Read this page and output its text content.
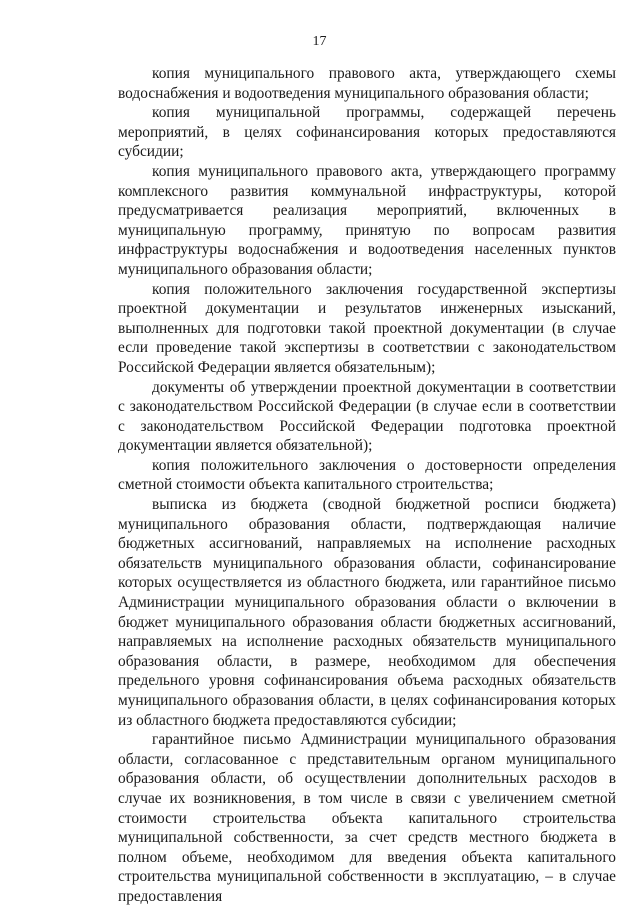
17

копия муниципального правового акта, утверждающего схемы водоснабжения и водоотведения муниципального образования области;

копия муниципальной программы, содержащей перечень мероприятий, в целях софинансирования которых предоставляются субсидии;

копия муниципального правового акта, утверждающего программу комплексного развития коммунальной инфраструктуры, которой предусматривается реализация мероприятий, включенных в муниципальную программу, принятую по вопросам развития инфраструктуры водоснабжения и водоотведения населенных пунктов муниципального образования области;

копия положительного заключения государственной экспертизы проектной документации и результатов инженерных изысканий, выполненных для подготовки такой проектной документации (в случае если проведение такой экспертизы в соответствии с законодательством Российской Федерации является обязательным);

документы об утверждении проектной документации в соответствии с законодательством Российской Федерации (в случае если в соответствии с законодательством Российской Федерации подготовка проектной документации является обязательной);

копия положительного заключения о достоверности определения сметной стоимости объекта капитального строительства;

выписка из бюджета (сводной бюджетной росписи бюджета) муниципального образования области, подтверждающая наличие бюджетных ассигнований, направляемых на исполнение расходных обязательств муниципального образования области, софинансирование которых осуществляется из областного бюджета, или гарантийное письмо Администрации муниципального образования области о включении в бюджет муниципального образования области бюджетных ассигнований, направляемых на исполнение расходных обязательств муниципального образования области, в размере, необходимом для обеспечения предельного уровня софинансирования объема расходных обязательств муниципального образования области, в целях софинансирования которых из областного бюджета предоставляются субсидии;

гарантийное письмо Администрации муниципального образования области, согласованное с представительным органом муниципального образования области, об осуществлении дополнительных расходов в случае их возникновения, в том числе в связи с увеличением сметной стоимости строительства объекта капитального строительства муниципальной собственности, за счет средств местного бюджета в полном объеме, необходимом для введения объекта капитального строительства муниципальной собственности в эксплуатацию, – в случае предоставления
